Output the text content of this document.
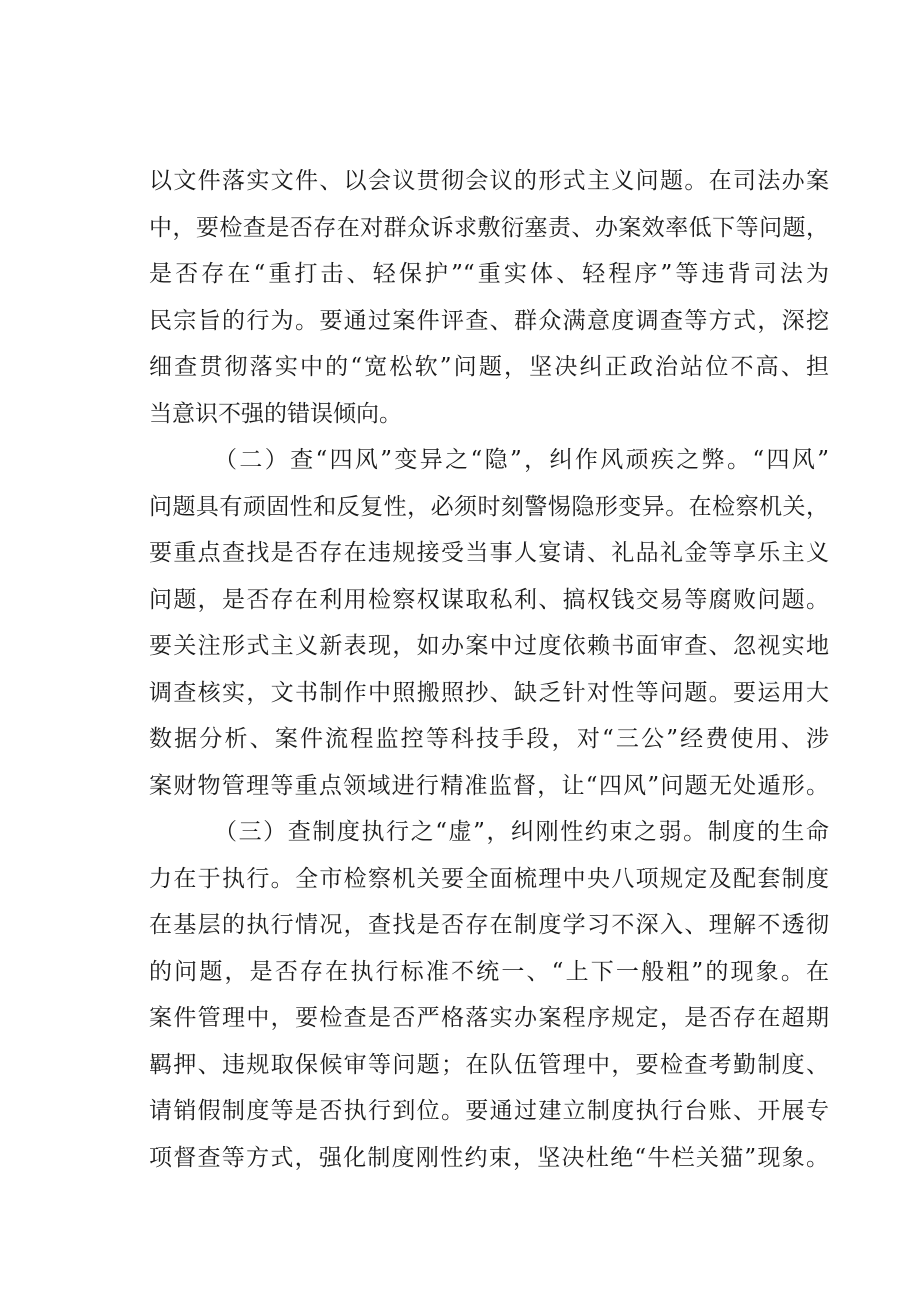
以文件落实文件、以会议贯彻会议的形式主义问题。在司法办案
中，要检查是否存在对群众诉求敷衍塞责、办案效率低下等问题，
是否存在“重打击、轻保护”“重实体、轻程序”等违背司法为
民宗旨的行为。要通过案件评查、群众满意度调查等方式，深挖
细查贯彻落实中的“宽松软”问题，坚决纠正政治站位不高、担
当意识不强的错误倾向。
（二）查“四风”变异之“隐”，纠作风顽疾之弊。“四风”
问题具有顽固性和反复性，必须时刻警惕隐形变异。在检察机关，
要重点查找是否存在违规接受当事人宴请、礼品礼金等享乐主义
问题，是否存在利用检察权谋取私利、搞权钱交易等腐败问题。
要关注形式主义新表现，如办案中过度依赖书面审查、忽视实地
调查核实，文书制作中照搬照抄、缺乏针对性等问题。要运用大
数据分析、案件流程监控等科技手段，对“三公”经费使用、涉
案财物管理等重点领域进行精准监督，让“四风”问题无处遁形。
（三）查制度执行之“虚”，纠刚性约束之弱。制度的生命
力在于执行。全市检察机关要全面梳理中央八项规定及配套制度
在基层的执行情况，查找是否存在制度学习不深入、理解不透彻
的问题，是否存在执行标准不统一、“上下一般粗”的现象。在
案件管理中，要检查是否严格落实办案程序规定，是否存在超期
羁押、违规取保候审等问题；在队伍管理中，要检查考勤制度、
请销假制度等是否执行到位。要通过建立制度执行台账、开展专
项督查等方式，强化制度刚性约束，坚决杜绝“牛栏关猫”现象。
